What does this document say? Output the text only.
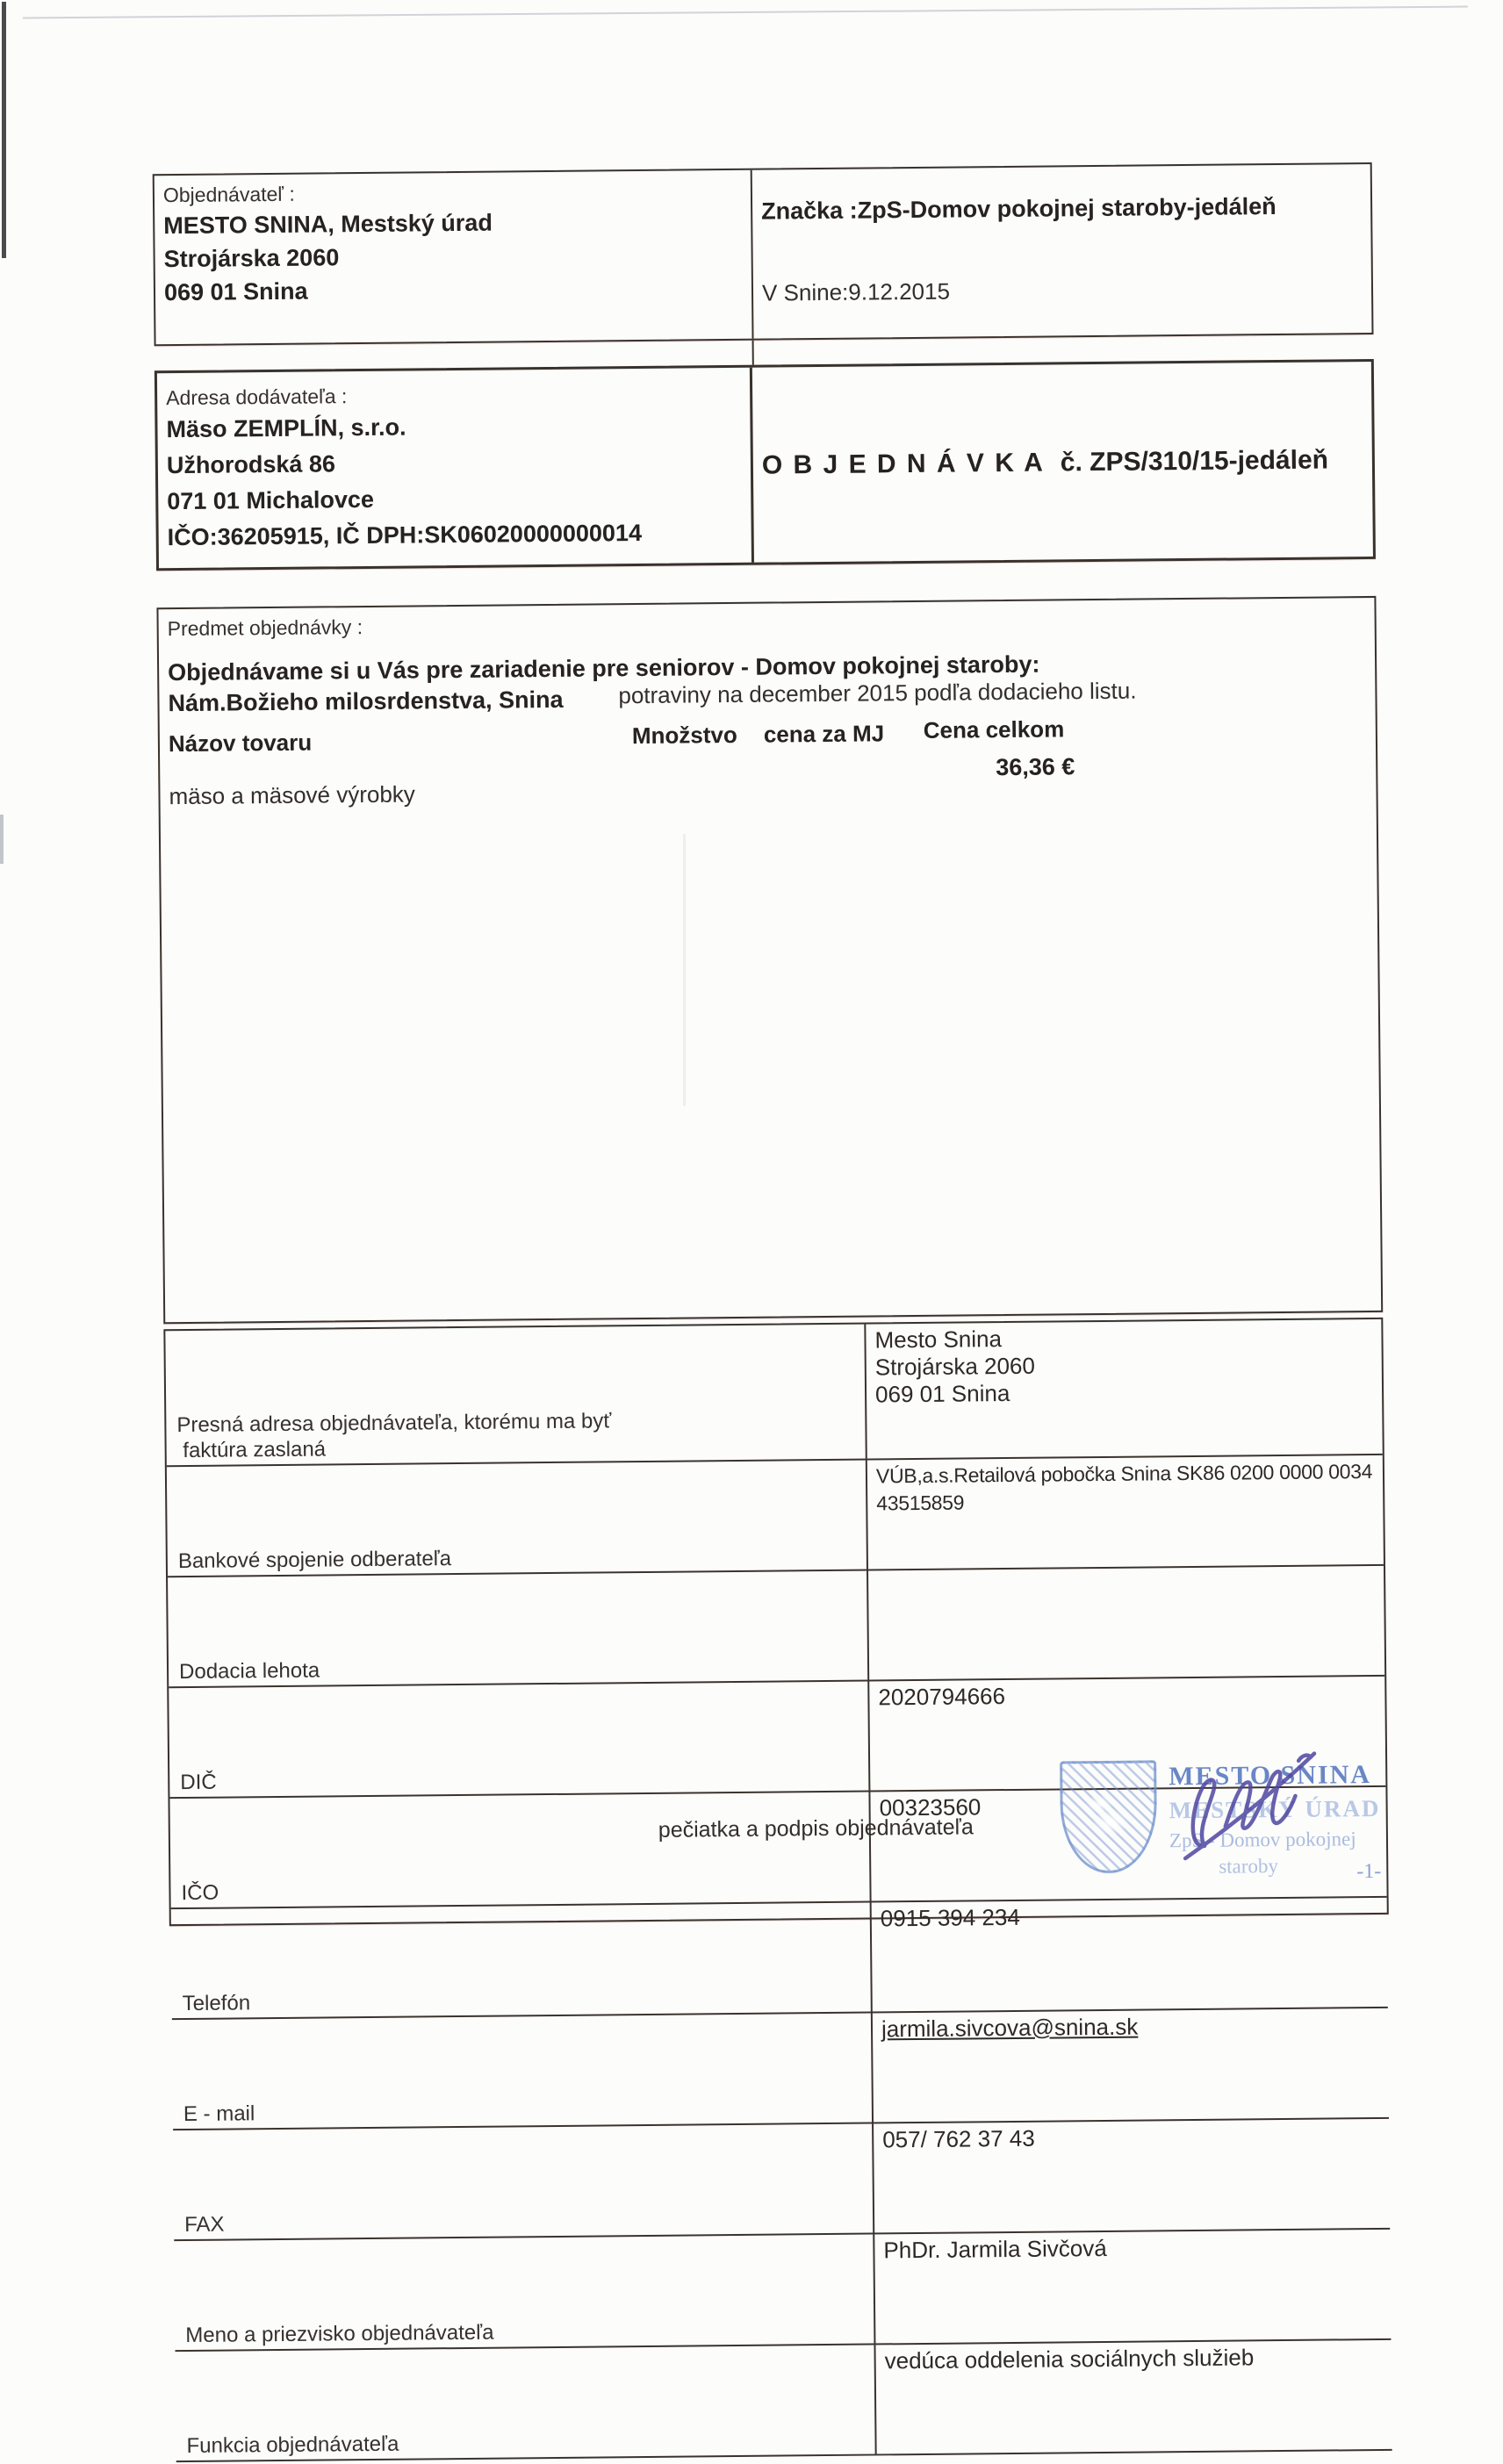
Objednávateľ :
MESTO SNINA, Mestský úrad
Strojárska 2060
069 01 Snina
Značka :ZpS-Domov pokojnej staroby-jedáleň
V Snine:9.12.2015
Adresa dodávateľa :
Mäso ZEMPLÍN, s.r.o.
Užhorodská 86
071 01 Michalovce
IČO:36205915, IČ DPH:SK06020000000014
O B J E D N Á V K A č. ZPS/310/15-jedáleň
Predmet objednávky :
Objednávame si u Vás pre zariadenie pre seniorov - Domov pokojnej staroby:
Nám.Božieho milosrdenstva, Snina potraviny na december 2015 podľa dodacieho listu.
Názov tovaru	Množstvo cena za MJ Cena celkom
36,36 €
mäso a mäsové výrobky

Presná adresa objednávateľa, ktorému ma byť
faktúra zaslaná
Mesto Snina
Strojárska 2060
069 01 Snina

Bankové spojenie odberateľa
VÚB,a.s.Retailová pobočka Snina SK86 0200 0000 0034 43515859

Dodacia lehota

DIČ
2020794666

IČO
00323560

Telefón
0915 394 234

E - mail
jarmila.sivcova@snina.sk

FAX
057/ 762 37 43

Meno a priezvisko objednávateľa
PhDr. Jarmila Sivčová

Funkcia objednávateľa
vedúca oddelenia sociálnych služieb
pečiatka a podpis objednávateľa
MESTO SNINA
MESTSKÝ ÚRAD
ZpS - Domov pokojnej
staroby	-1-
